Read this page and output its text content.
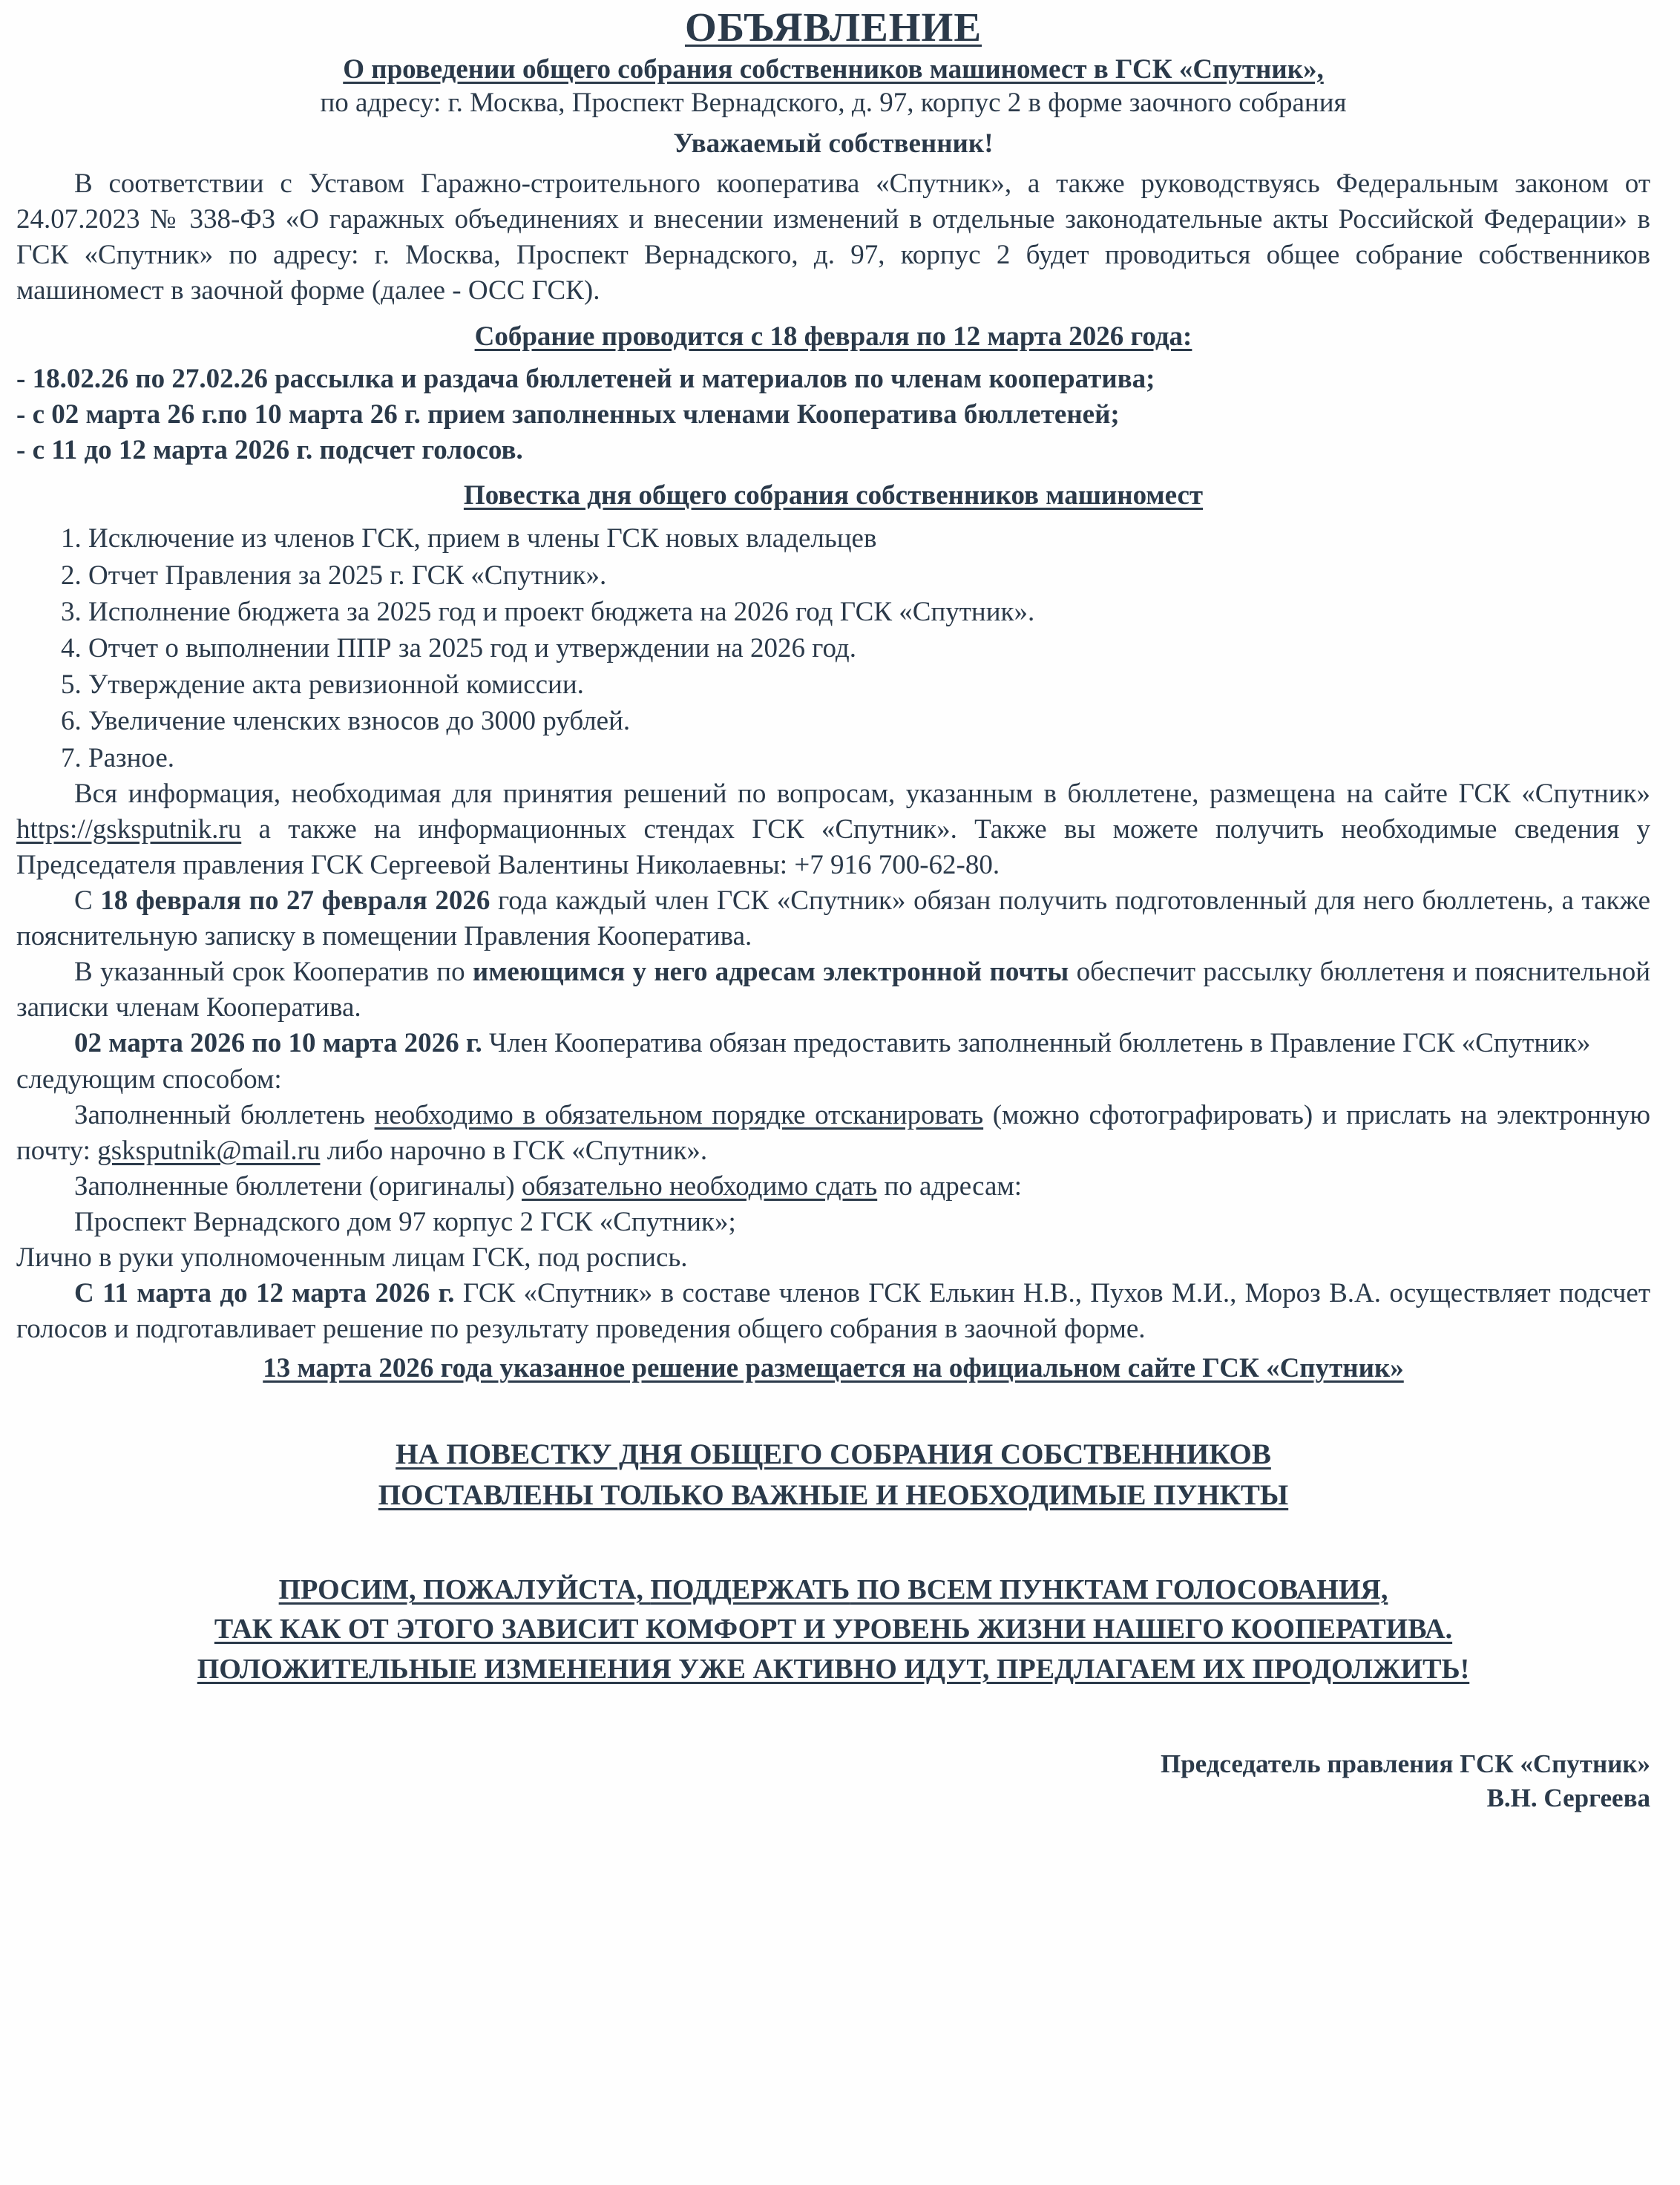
ОБЪЯВЛЕНИЕ
О проведении общего собрания собственников машиномест в ГСК «Спутник»,
по адресу: г. Москва, Проспект Вернадского, д. 97, корпус 2 в форме заочного собрания
Уважаемый собственник!

В соответствии с Уставом Гаражно-строительного кооператива «Спутник», а также руководствуясь Федеральным законом от 24.07.2023 № 338-ФЗ «О гаражных объединениях и внесении изменений в отдельные законодательные акты Российской Федерации» в ГСК «Спутник» по адресу: г. Москва, Проспект Вернадского, д. 97, корпус 2 будет проводиться общее собрание собственников машиномест в заочной форме (далее - ОСС ГСК).

Собрание проводится с 18 февраля по 12 марта 2026 года:

- 18.02.26 по 27.02.26 рассылка и раздача бюллетеней и материалов по членам кооператива;

- с 02 марта 26 г.по 10 марта 26 г. прием заполненных членами Кооператива бюллетеней;

- с 11 до 12 марта 2026 г. подсчет голосов.

Повестка дня общего собрания собственников машиномест

1. Исключение из членов ГСК, прием в члены ГСК новых владельцев

2. Отчет Правления за 2025 г. ГСК «Спутник».

3. Исполнение бюджета за 2025 год и проект бюджета на 2026 год ГСК «Спутник».

4. Отчет о выполнении ППР за 2025 год и утверждении на 2026 год.

5. Утверждение акта ревизионной комиссии.

6. Увеличение членских взносов до 3000 рублей.

7. Разное.

Вся информация, необходимая для принятия решений по вопросам, указанным в бюллетене, размещена на сайте ГСК «Спутник» https://gsksputnik.ru а также на информационных стендах ГСК «Спутник». Также вы можете получить необходимые сведения у Председателя правления ГСК Сергеевой Валентины Николаевны: +7 916 700-62-80.

С 18 февраля по 27 февраля 2026 года каждый член ГСК «Спутник» обязан получить подготовленный для него бюллетень, а также пояснительную записку в помещении Правления Кооператива.

В указанный срок Кооператив по имеющимся у него адресам электронной почты обеспечит рассылку бюллетеня и пояснительной записки членам Кооператива.

02 марта 2026 по 10 марта 2026 г. Член Кооператива обязан предоставить заполненный бюллетень в Правление ГСК «Спутник» следующим способом:

Заполненный бюллетень необходимо в обязательном порядке отсканировать (можно сфотографировать) и прислать на электронную почту: gsksputnik@mail.ru либо нарочно в ГСК «Спутник».

Заполненные бюллетени (оригиналы) обязательно необходимо сдать по адресам:

Проспект Вернадского дом 97 корпус 2 ГСК «Спутник»;

Лично в руки уполномоченным лицам ГСК, под роспись.

С 11 марта до 12 марта 2026 г. ГСК «Спутник» в составе членов ГСК Елькин Н.В., Пухов М.И., Мороз В.А. осуществляет подсчет голосов и подготавливает решение по результату проведения общего собрания в заочной форме.

13 марта 2026 года указанное решение размещается на официальном сайте ГСК «Спутник»

НА ПОВЕСТКУ ДНЯ ОБЩЕГО СОБРАНИЯ СОБСТВЕННИКОВ
ПОСТАВЛЕНЫ ТОЛЬКО ВАЖНЫЕ И НЕОБХОДИМЫЕ ПУНКТЫ
ПРОСИМ, ПОЖАЛУЙСТА, ПОДДЕРЖАТЬ ПО ВСЕМ ПУНКТАМ ГОЛОСОВАНИЯ,
ТАК КАК ОТ ЭТОГО ЗАВИСИТ КОМФОРТ И УРОВЕНЬ ЖИЗНИ НАШЕГО КООПЕРАТИВА.
ПОЛОЖИТЕЛЬНЫЕ ИЗМЕНЕНИЯ УЖЕ АКТИВНО ИДУТ, ПРЕДЛАГАЕМ ИХ ПРОДОЛЖИТЬ!
Председатель правления ГСК «Спутник»
В.Н. Сергеева
